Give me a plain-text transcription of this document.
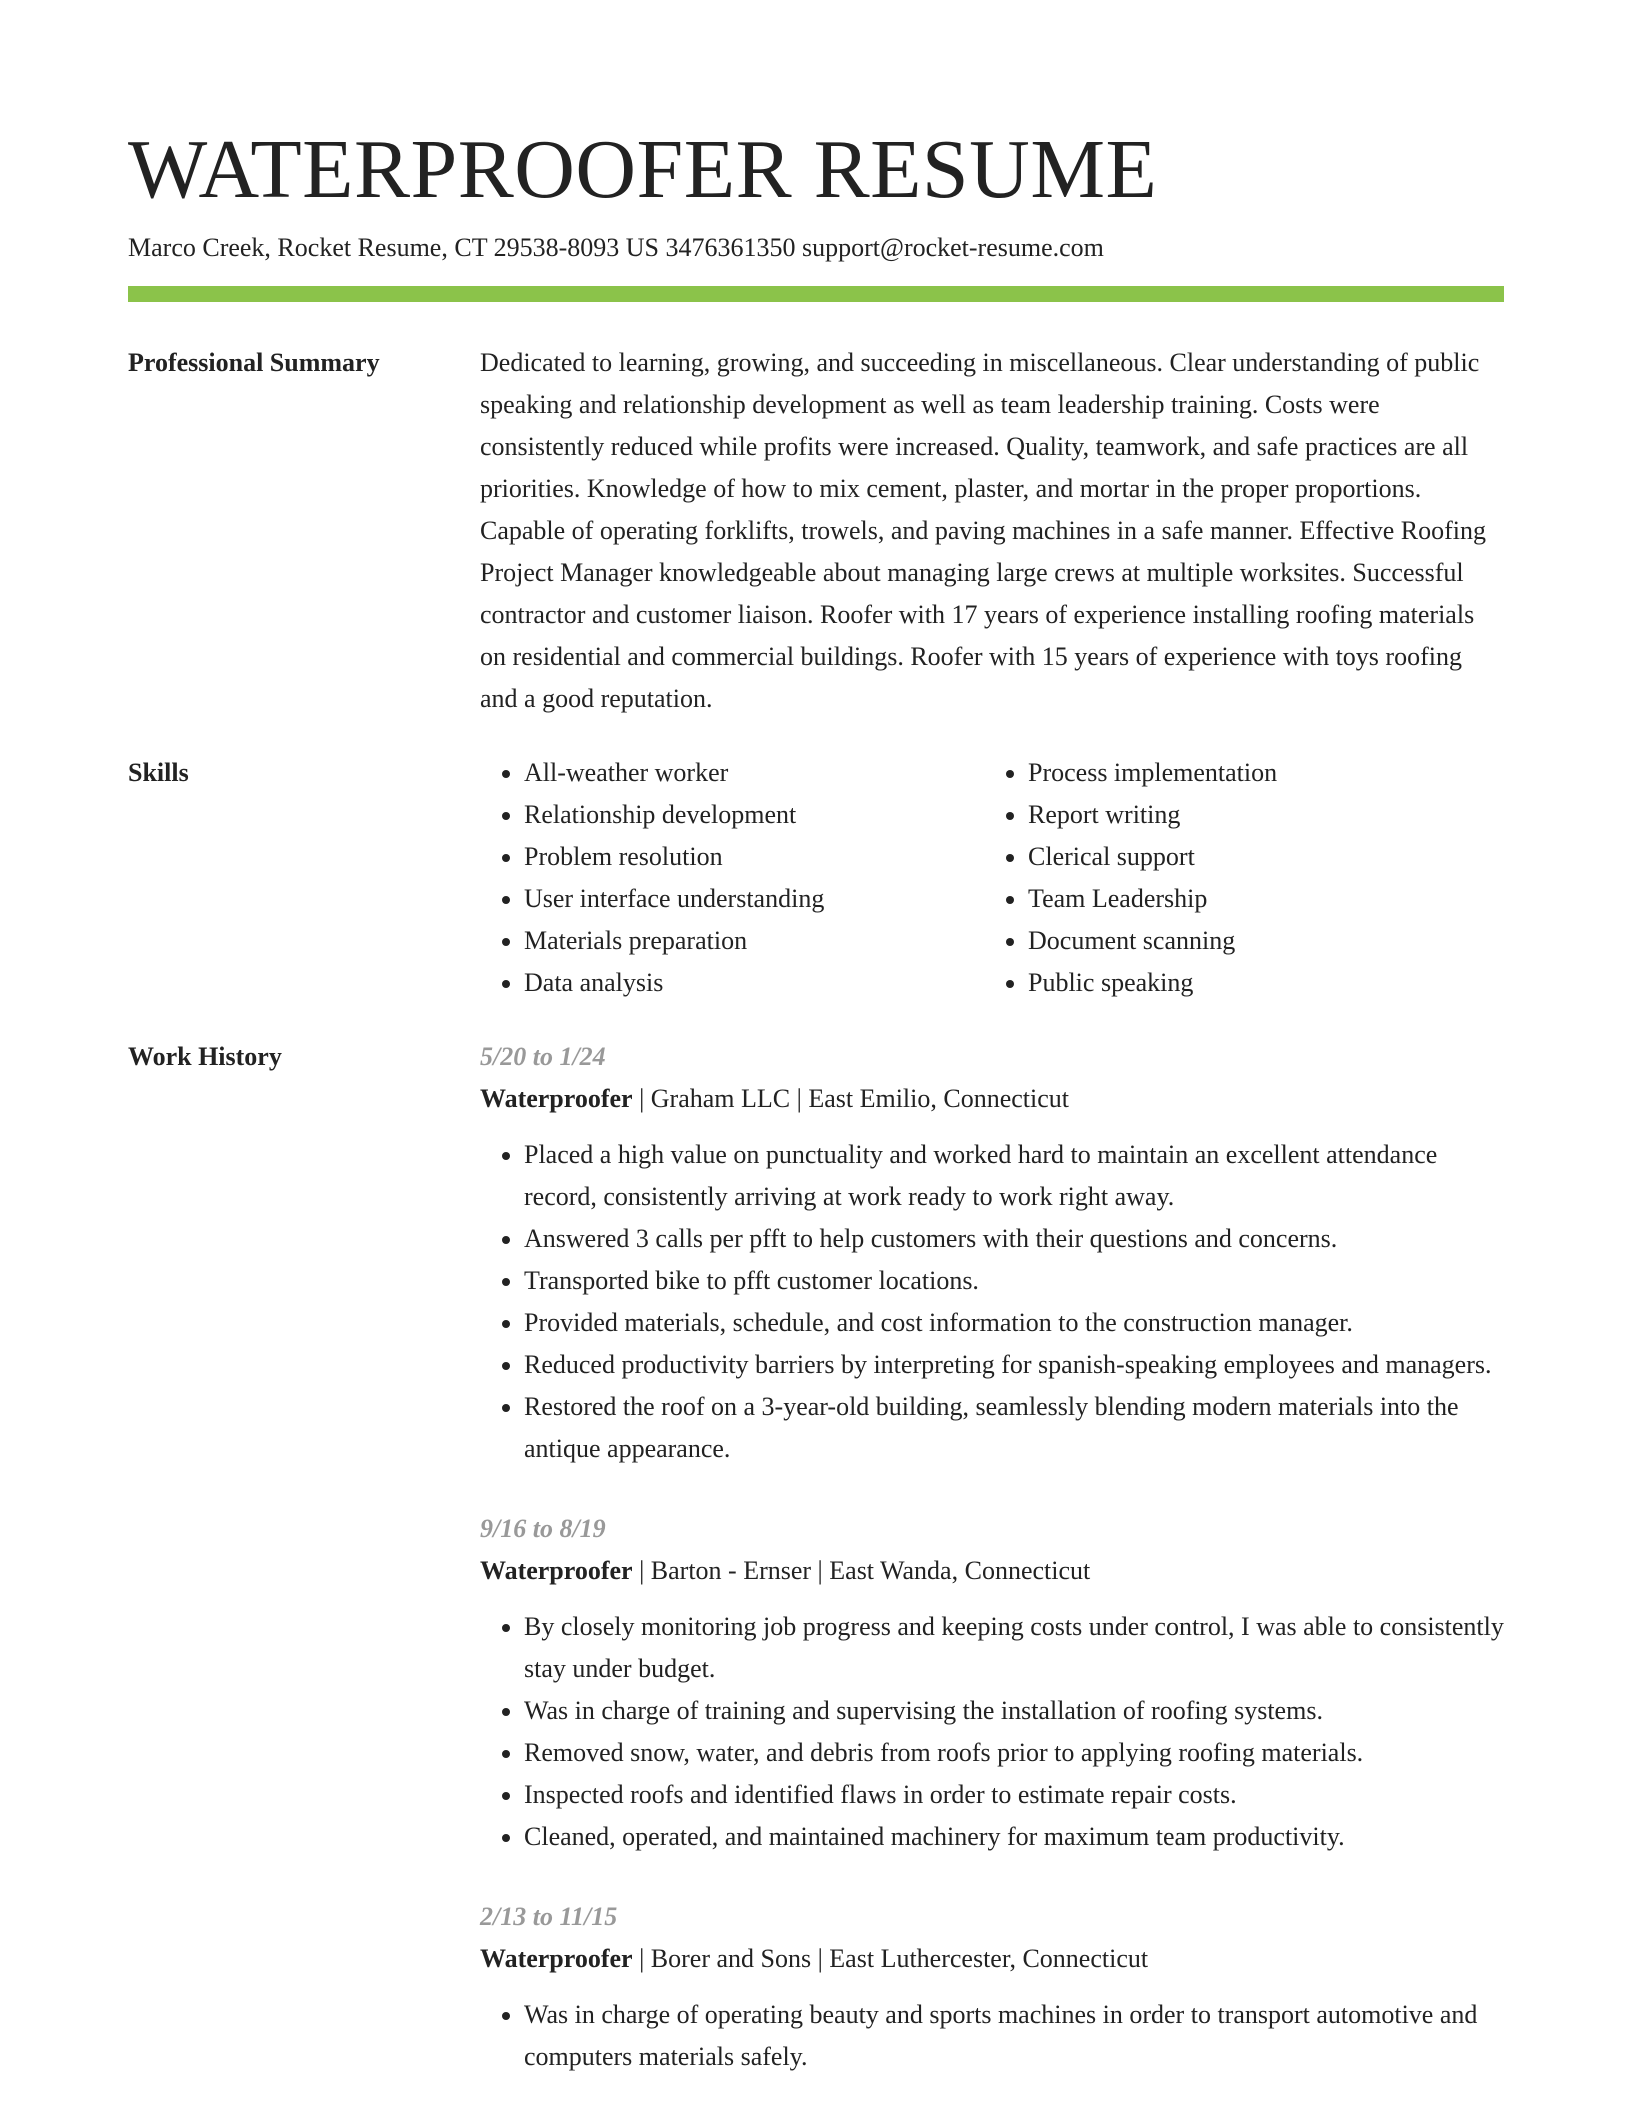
WATERPROOFER RESUME
Marco Creek, Rocket Resume, CT 29538-8093 US 3476361350 support@rocket-resume.com
Professional Summary	Dedicated to learning, growing, and succeeding in miscellaneous. Clear understanding of public speaking and relationship development as well as team leadership training. Costs were consistently reduced while profits were increased. Quality, teamwork, and safe practices are all priorities. Knowledge of how to mix cement, plaster, and mortar in the proper proportions. Capable of operating forklifts, trowels, and paving machines in a safe manner. Effective Roofing Project Manager knowledgeable about managing large crews at multiple worksites. Successful contractor and customer liaison. Roofer with 17 years of experience installing roofing materials on residential and commercial buildings. Roofer with 15 years of experience with toys roofing and a good reputation.

Skills
•	All-weather worker
• Relationship development
• Problem resolution
• User interface understanding
• Materials preparation
• Data analysis
• Process implementation
• Report writing
• Clerical support
• Team Leadership
• Document scanning
• Public speaking
Work History	5/20 to 1/24
Waterproofer | Graham LLC | East Emilio, Connecticut
• Placed a high value on punctuality and worked hard to maintain an excellent attendance record, consistently arriving at work ready to work right away.
• Answered 3 calls per pfft to help customers with their questions and concerns.
• Transported bike to pfft customer locations.
• Provided materials, schedule, and cost information to the construction manager.
• Reduced productivity barriers by interpreting for spanish-speaking employees and managers.
• Restored the roof on a 3-year-old building, seamlessly blending modern materials into the antique appearance.
9/16 to 8/19
Waterproofer | Barton - Ernser | East Wanda, Connecticut
• By closely monitoring job progress and keeping costs under control, I was able to consistently stay under budget.
• Was in charge of training and supervising the installation of roofing systems.
• Removed snow, water, and debris from roofs prior to applying roofing materials.
• Inspected roofs and identified flaws in order to estimate repair costs.
• Cleaned, operated, and maintained machinery for maximum team productivity.
2/13 to 11/15
Waterproofer | Borer and Sons | East Luthercester, Connecticut
• Was in charge of operating beauty and sports machines in order to transport automotive and computers materials safely.
